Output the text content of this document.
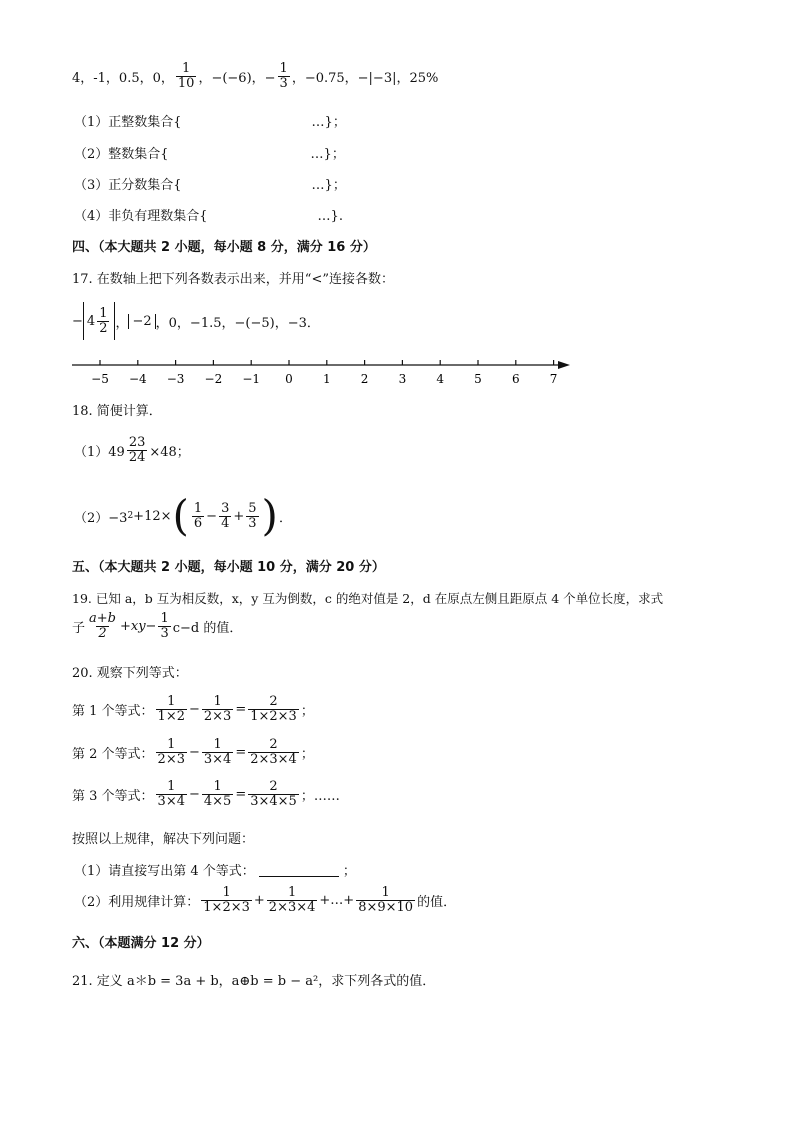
4，-1，0.5，0， $\frac{1}{10}$ ，−(−6)，− $\frac{1}{3}$ ，−0.75，−|−3|，25%
（1）正整数集合{	…}；
（2）整数集合{	…}；
（3）正分数集合{	…}；
（4）非负有理数集合{	…}.
四、（本大题共 2 小题，每小题 8 分，满分 16 分）
17. 在数轴上把下列各数表示出来，并用“<”连接各数：
− $4 \frac{1}{2}$ ， −2 ，0，−1.5，−(−5)，−3．
−5 −4 −3 −2 −1 0	1	2	3	4	5	6	7
18. 简便计算．
$(1)49 \frac{23}{24} \times 48$；
（2）−3 2 +12× ( $\frac{1}{6} - \frac{3}{4} + \frac{5}{3}$ ) ．
五、（本大题共 2 小题，每小题 10 分，满分 20 分）
19. 已知 a，b 互为相反数，x，y 互为倒数，c 的绝对值是 2，d 在原点左侧且距原点 4 个单位长度，求式
子 $\frac{a+b}{2} +xy- \frac{1}{3} c-d$ 的值．
20. 观察下列等式：
第 1 个等式： $\frac{1}{1\times 2} - \frac{1}{2\times 3} = \frac{2}{1\times 2\times 3}$ ；
第 2 个等式： $\frac{1}{2\times 3} - \frac{1}{3\times 4} = \frac{2}{2\times 3\times 4}$ ；
第 3 个等式： $\frac{1}{3\times 4} - \frac{1}{4\times 5} = \frac{2}{3\times 4\times 5}$ ；……
按照以上规律，解决下列问题：
（1）请直接写出第 4 个等式：	；
（2）利用规律计算： $\frac{1}{1\times 2\times 3} + \frac{1}{2\times 3\times 4}$ +…+ $\frac{1}{8\times 9\times 10}$ 的值．
六、（本题满分 12 分）
21. 定义 a＊b = 3a + b，a⊕b = b − a²，求下列各式的值．
